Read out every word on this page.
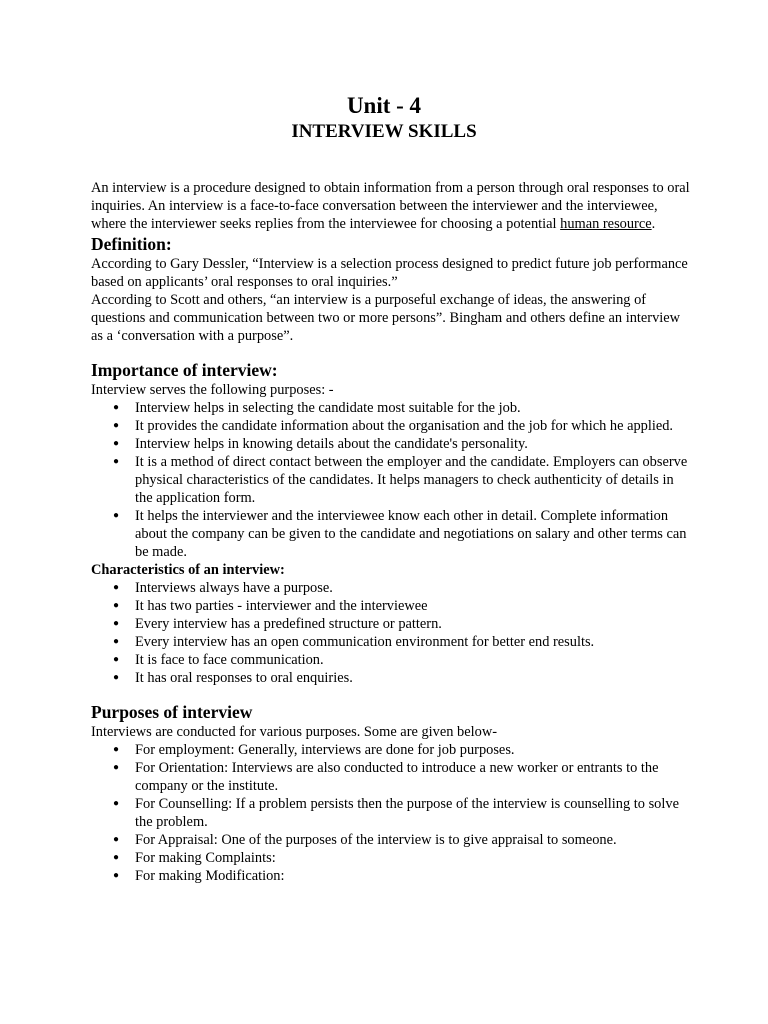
Unit - 4
INTERVIEW SKILLS

An interview is a procedure designed to obtain information from a person through oral responses to oral inquiries. An interview is a face-to-face conversation between the interviewer and the interviewee, where the interviewer seeks replies from the interviewee for choosing a potential human resource.

Definition:

According to Gary Dessler, “Interview is a selection process designed to predict future job performance based on applicants’ oral responses to oral inquiries.”

According to Scott and others, “an interview is a purposeful exchange of ideas, the answering of questions and communication between two or more persons”. Bingham and others define an interview as a ‘conversation with a purpose”.

Importance of interview:

Interview serves the following purposes: -

● Interview helps in selecting the candidate most suitable for the job.
● It provides the candidate information about the organisation and the job for which he applied.
● Interview helps in knowing details about the candidate's personality.
● It is a method of direct contact between the employer and the candidate. Employers can observe physical characteristics of the candidates. It helps managers to check authenticity of details in the application form.
● It helps the interviewer and the interviewee know each other in detail. Complete information about the company can be given to the candidate and negotiations on salary and other terms can be made.
Characteristics of an interview:
● Interviews always have a purpose.
● It has two parties - interviewer and the interviewee
● Every interview has a predefined structure or pattern.
● Every interview has an open communication environment for better end results.
● It is face to face communication.
● It has oral responses to oral enquiries.
Purposes of interview

Interviews are conducted for various purposes. Some are given below-

● For employment: Generally, interviews are done for job purposes.
● For Orientation: Interviews are also conducted to introduce a new worker or entrants to the company or the institute.
● For Counselling: If a problem persists then the purpose of the interview is counselling to solve the problem.
● For Appraisal: One of the purposes of the interview is to give appraisal to someone.
● For making Complaints:
● For making Modification:
